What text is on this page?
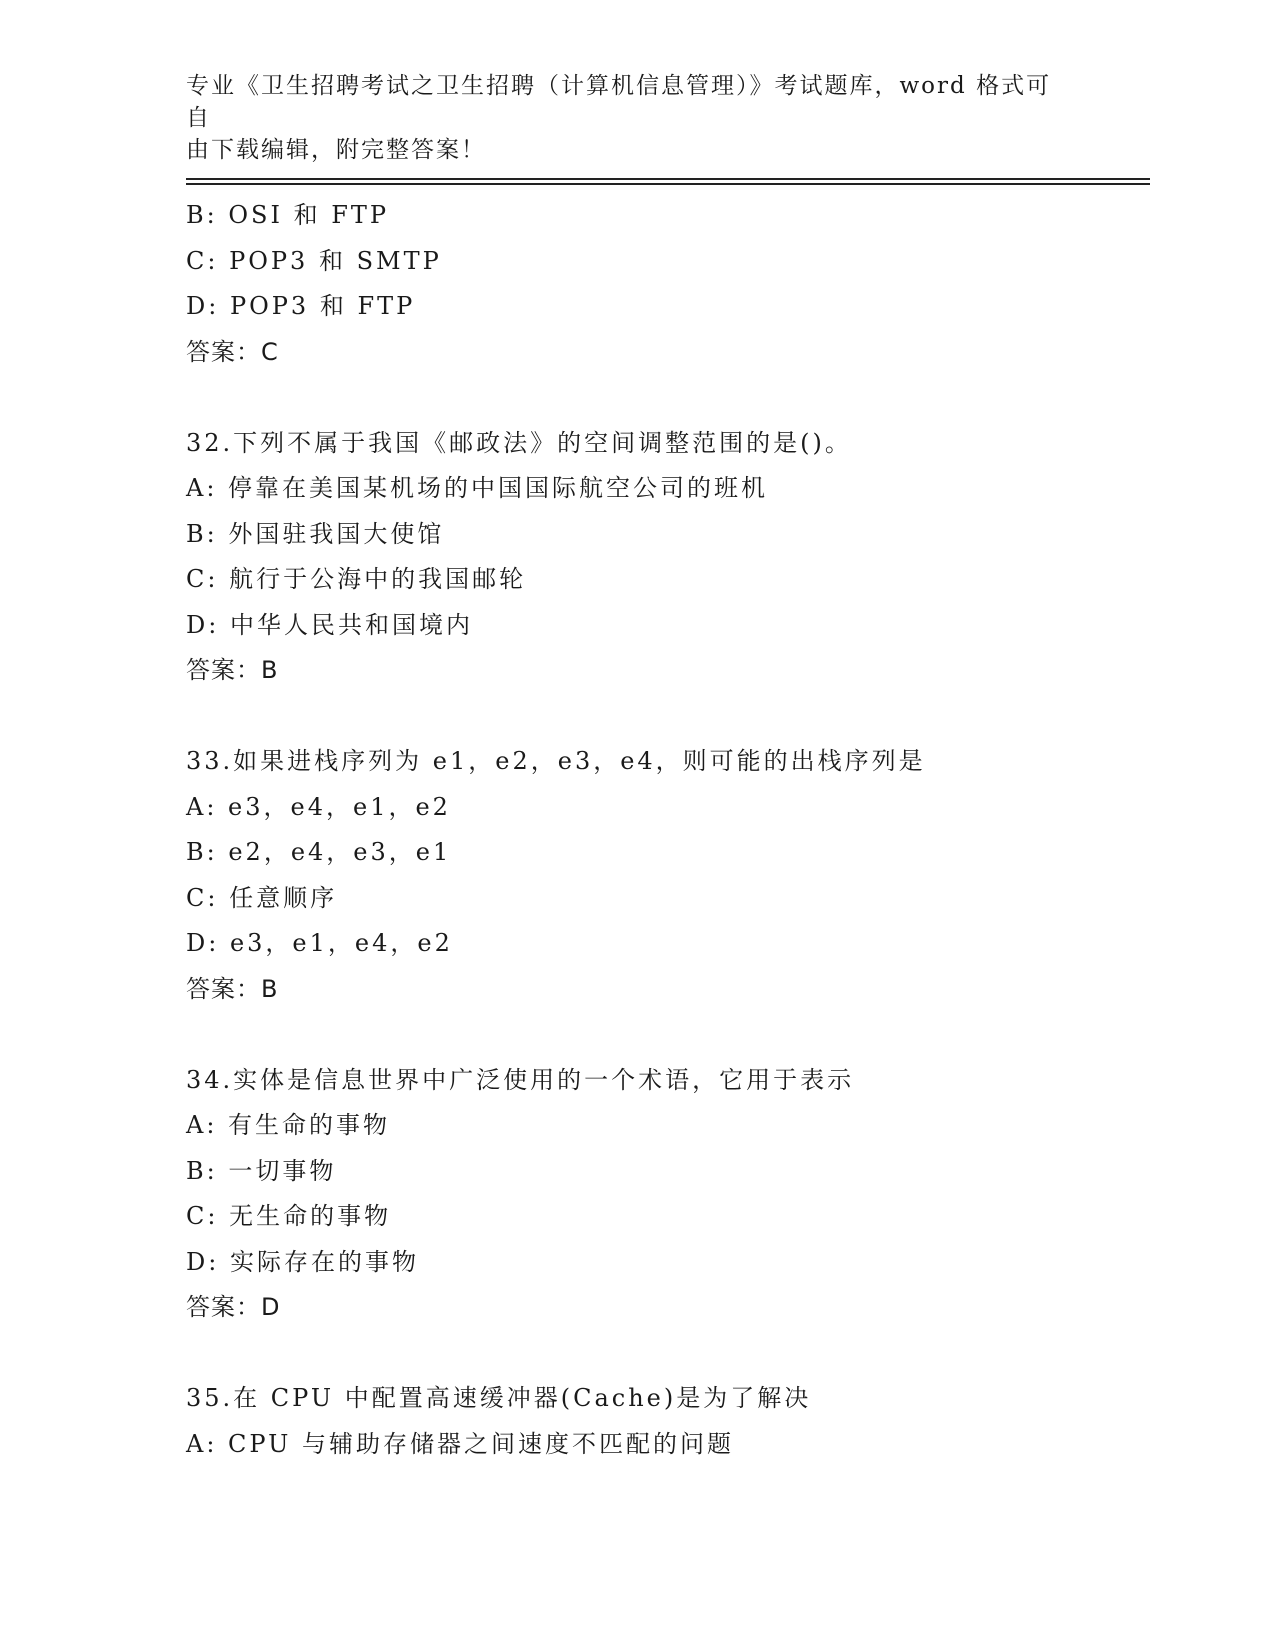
专业《卫生招聘考试之卫生招聘（计算机信息管理）》考试题库，word 格式可自
由下载编辑，附完整答案！
B: OSI 和 FTP
C: POP3 和 SMTP
D: POP3 和 FTP
答案：C
32.下列不属于我国《邮政法》的空间调整范围的是()。
A: 停靠在美国某机场的中国国际航空公司的班机
B: 外国驻我国大使馆
C: 航行于公海中的我国邮轮
D: 中华人民共和国境内
答案：B
33.如果进栈序列为 e1，e2，e3，e4，则可能的出栈序列是
A: e3，e4，e1，e2
B: e2，e4，e3，e1
C: 任意顺序
D: e3，e1，e4，e2
答案：B
34.实体是信息世界中广泛使用的一个术语，它用于表示
A: 有生命的事物
B: 一切事物
C: 无生命的事物
D: 实际存在的事物
答案：D
35.在 CPU 中配置高速缓冲器(Cache)是为了解决
A: CPU 与辅助存储器之间速度不匹配的问题
